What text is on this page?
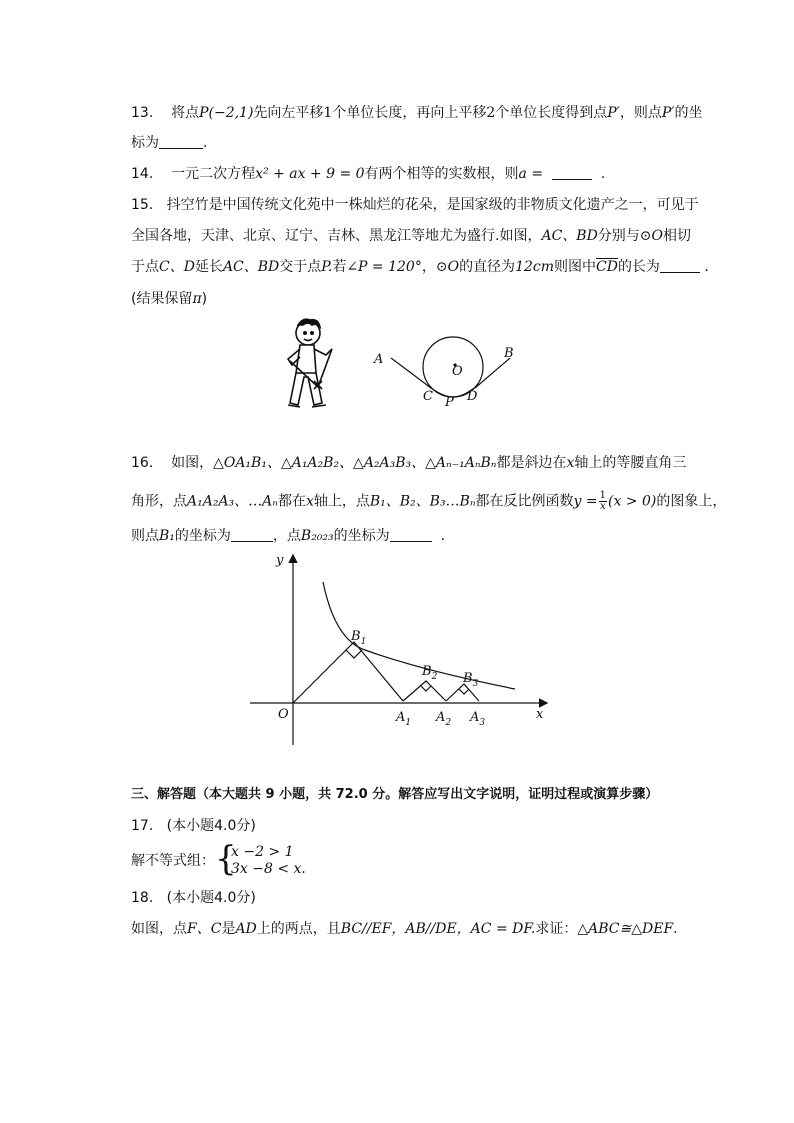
13. 将点P(−2,1)先向左平移1个单位长度，再向上平移2个单位长度得到点P′，则点P′的坐
标为	.
14. 一元二次方程x² + ax + 9 = 0有两个相等的实数根，则a =	.
15. 抖空竹是中国传统文化苑中一株灿烂的花朵，是国家级的非物质文化遗产之一，可见于
全国各地，天津、北京、辽宁、吉林、黑龙江等地尤为盛行.如图，AC、BD分别与⊙O相切
于点C、D延长AC、BD交于点P.若∠P = 120°，⊙O的直径为12cm则图中$\overline{CD}$的长为	.
(结果保留π)
A	B
C P D
O
16. 如图，△OA₁B₁、△A₁A₂B₂、△A₂A₃B₃、△Aₙ₋₁AₙBₙ都是斜边在x轴上的等腰直角三
角形，点A₁A₂A₃、…Aₙ都在x轴上，点B₁、B₂、B₃…Bₙ都在反比例函数$y = \frac{1}{x} (x > 0)$的图象上，
则点B₁的坐标为	，点B₂₀₂₃的坐标为	.
y
x
O
$B_1$
$B_2$ $B_3$
$A_1$ $A_2$ $A_3$
三、解答题（本大题共 9 小题，共 72.0 分。解答应写出文字说明，证明过程或演算步骤）
17. (本小题4.0分)
解不等式组： {
x −2 > 1
3x −8 < x.
18. (本小题4.0分)
如图，点F、C是AD上的两点，且BC//EF，AB//DE，AC = DF.求证：△ABC≅△DEF.
